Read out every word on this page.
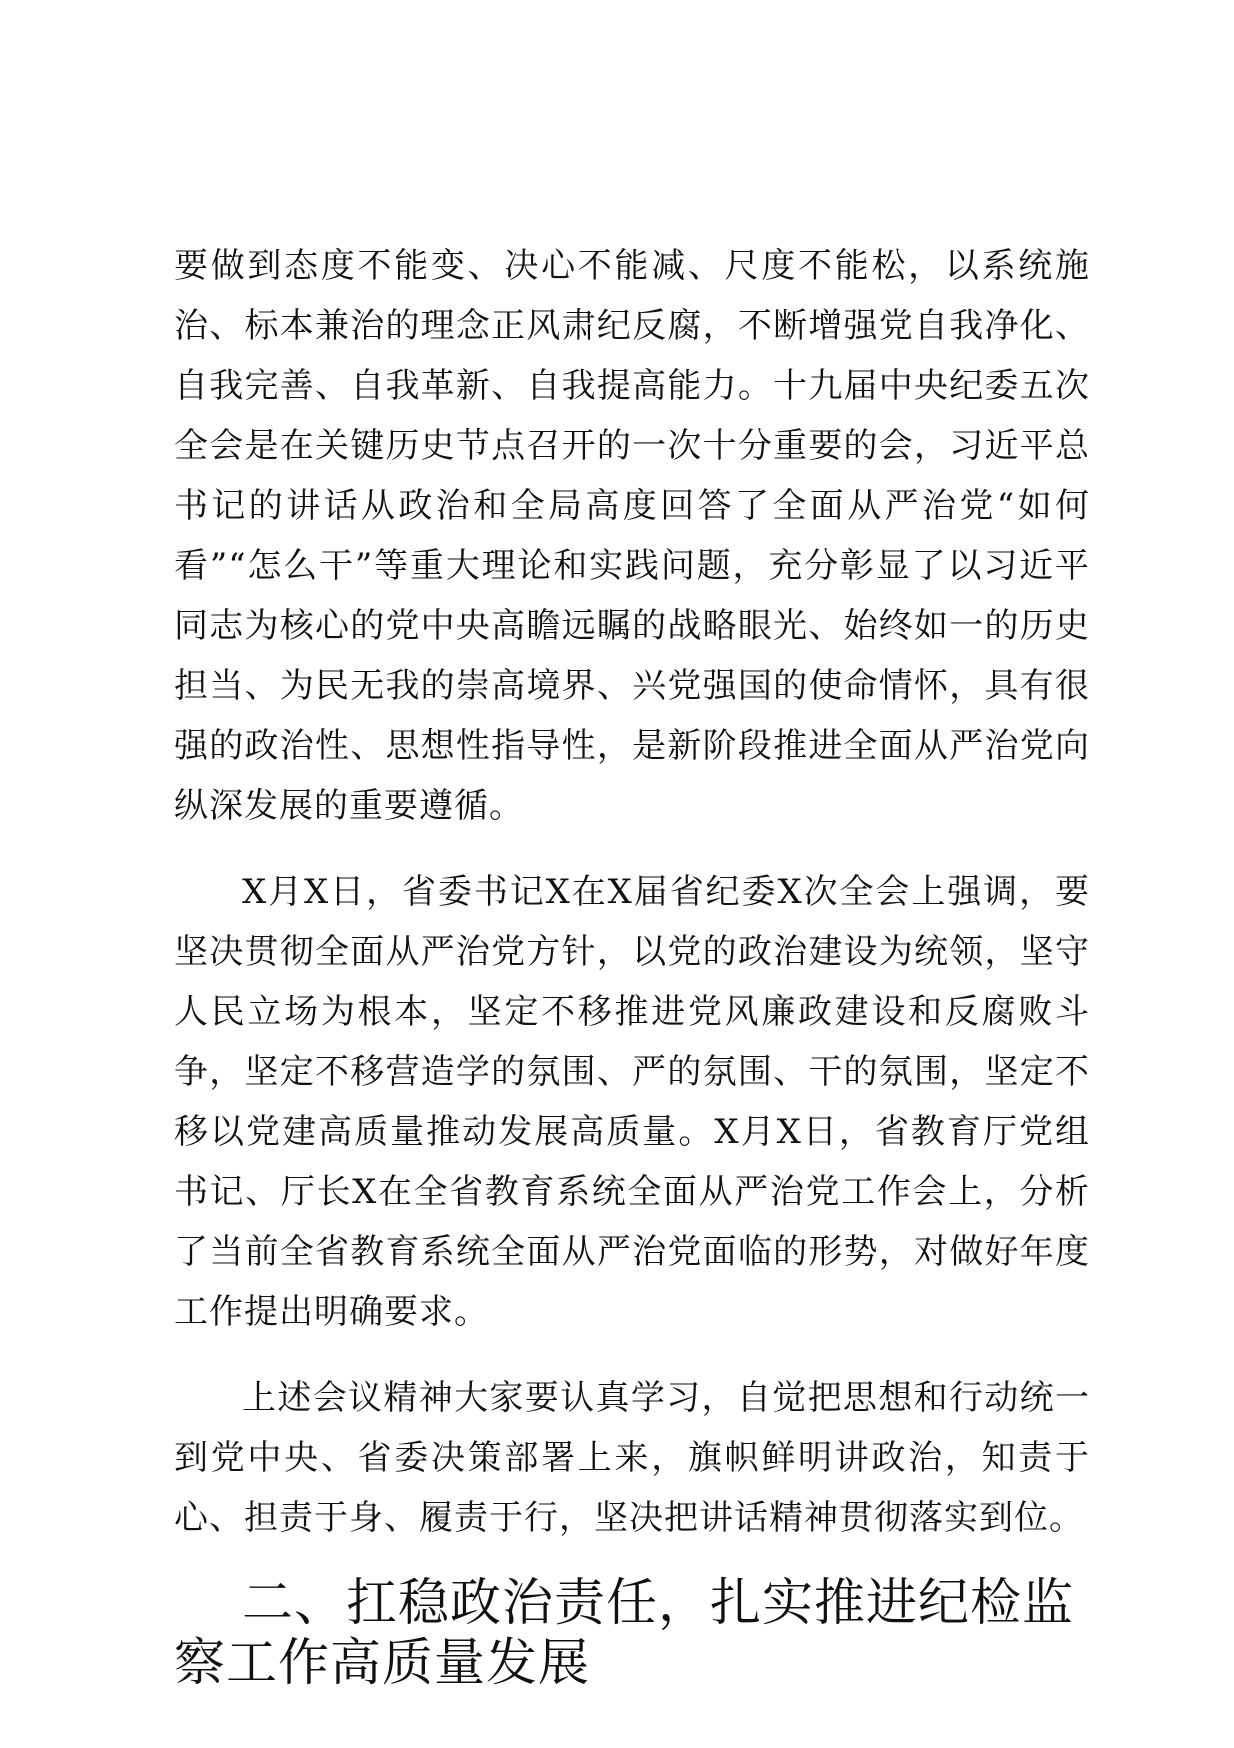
要做到态度不能变、决心不能减、尺度不能松，以系统施治、标本兼治的理念正风肃纪反腐，不断增强党自我净化、自我完善、自我革新、自我提高能力。十九届中央纪委五次全会是在关键历史节点召开的一次十分重要的会，习近平总书记的讲话从政治和全局高度回答了全面从严治党“如何看”“怎么干”等重大理论和实践问题，充分彰显了以习近平同志为核心的党中央高瞻远瞩的战略眼光、始终如一的历史担当、为民无我的崇高境界、兴党强国的使命情怀，具有很强的政治性、思想性指导性，是新阶段推进全面从严治党向纵深发展的重要遵循。

X月X日，省委书记X在X届省纪委X次全会上强调，要坚决贯彻全面从严治党方针，以党的政治建设为统领，坚守人民立场为根本，坚定不移推进党风廉政建设和反腐败斗争，坚定不移营造学的氛围、严的氛围、干的氛围，坚定不移以党建高质量推动发展高质量。X月X日，省教育厅党组书记、厅长X在全省教育系统全面从严治党工作会上，分析了当前全省教育系统全面从严治党面临的形势，对做好年度工作提出明确要求。

上述会议精神大家要认真学习，自觉把思想和行动统一到党中央、省委决策部署上来，旗帜鲜明讲政治，知责于心、担责于身、履责于行，坚决把讲话精神贯彻落实到位。

二、扛稳政治责任，扎实推进纪检监察工作高质量发展
